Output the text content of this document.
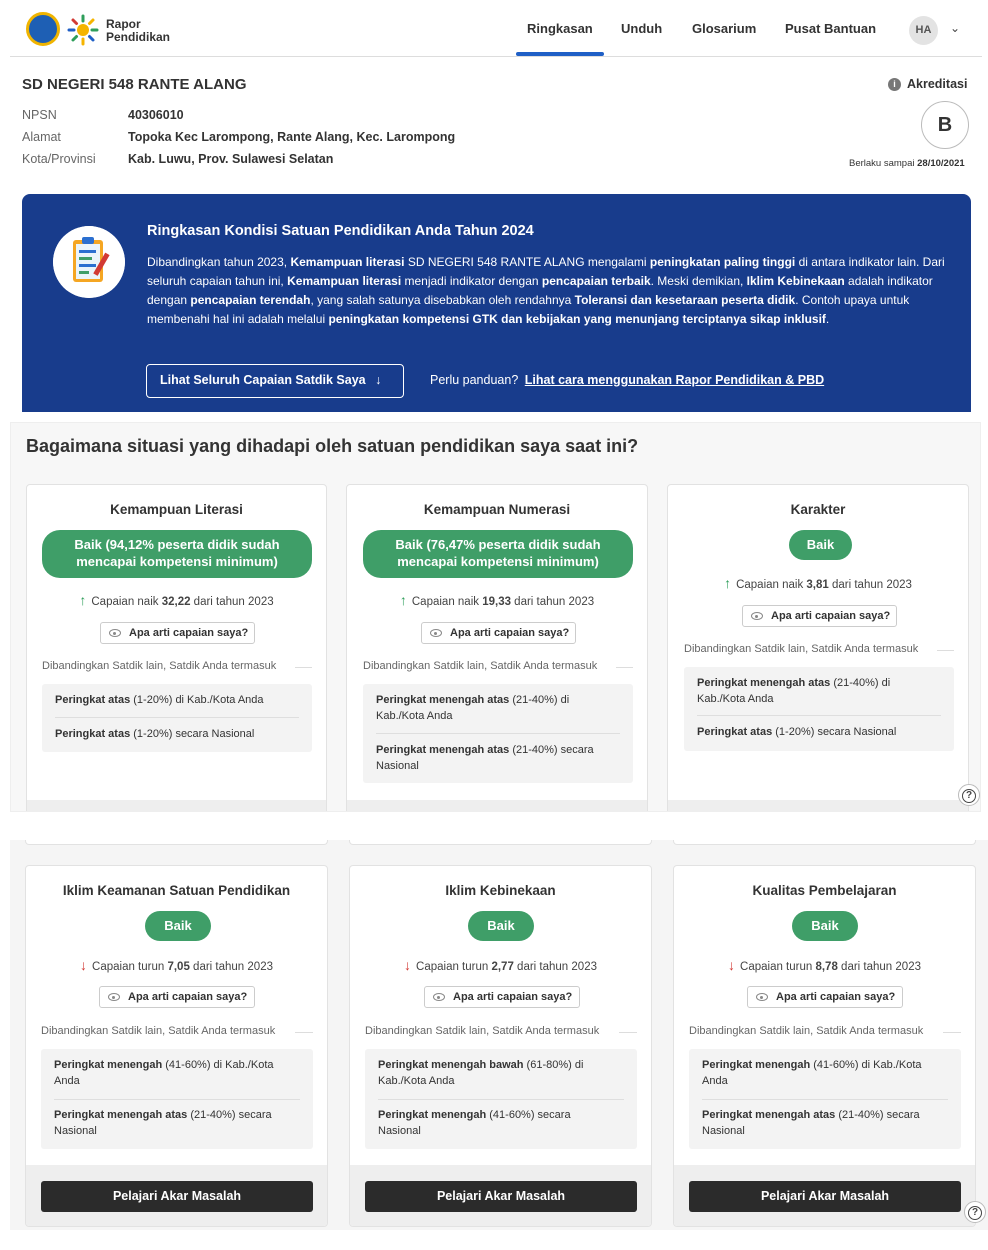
Rapor
Pendidikan
Ringkasan Unduh Glosarium Pusat Bantuan	HA	⌄
SD NEGERI 548 RANTE ALANG
NPSN	40306010
Alamat	Topoka Kec Larompong, Rante Alang, Kec. Larompong
Kota/Provinsi	Kab. Luwu, Prov. Sulawesi Selatan
i Akreditasi
B
Berlaku sampai 28/10/2021
Ringkasan Kondisi Satuan Pendidikan Anda Tahun 2024
Dibandingkan tahun 2023, Kemampuan literasi SD NEGERI 548 RANTE ALANG mengalami peningkatan paling tinggi di antara indikator lain. Dari seluruh capaian tahun ini, Kemampuan literasi menjadi indikator dengan pencapaian terbaik. Meski demikian, Iklim Kebinekaan adalah indikator dengan pencapaian terendah, yang salah satunya disebabkan oleh rendahnya Toleransi dan kesetaraan peserta didik. Contoh upaya untuk membenahi hal ini adalah melalui peningkatan kompetensi GTK dan kebijakan yang menunjang terciptanya sikap inklusif.
Lihat Seluruh Capaian Satdik Saya ↓	Perlu panduan? Lihat cara menggunakan Rapor Pendidikan & PBD
Bagaimana situasi yang dihadapi oleh satuan pendidikan saya saat ini?
Kemampuan Literasi
Baik (94,12% peserta didik sudah
mencapai kompetensi minimum)
↑ Capaian naik 32,22 dari tahun 2023
Apa arti capaian saya?
Dibandingkan Satdik lain, Satdik Anda termasuk
Peringkat atas (1-20%) di Kab./Kota Anda
Peringkat atas (1-20%) secara Nasional
Kemampuan Numerasi
Baik (76,47% peserta didik sudah
mencapai kompetensi minimum)
↑ Capaian naik 19,33 dari tahun 2023
Apa arti capaian saya?
Dibandingkan Satdik lain, Satdik Anda termasuk
Peringkat menengah atas (21-40%) di Kab./Kota Anda
Peringkat menengah atas (21-40%) secara Nasional
Karakter
Baik
↑ Capaian naik 3,81 dari tahun 2023
Apa arti capaian saya?
Dibandingkan Satdik lain, Satdik Anda termasuk
Peringkat menengah atas (21-40%) di Kab./Kota Anda
Peringkat atas (1-20%) secara Nasional
?
Iklim Keamanan Satuan Pendidikan
Baik
↓ Capaian turun 7,05 dari tahun 2023
Apa arti capaian saya?
Dibandingkan Satdik lain, Satdik Anda termasuk
Peringkat menengah (41-60%) di Kab./Kota Anda
Peringkat menengah atas (21-40%) secara Nasional
Pelajari Akar Masalah
Iklim Kebinekaan
Baik
↓ Capaian turun 2,77 dari tahun 2023
Apa arti capaian saya?
Dibandingkan Satdik lain, Satdik Anda termasuk
Peringkat menengah bawah (61-80%) di Kab./Kota Anda
Peringkat menengah (41-60%) secara Nasional
Pelajari Akar Masalah
Kualitas Pembelajaran
Baik
↓ Capaian turun 8,78 dari tahun 2023
Apa arti capaian saya?
Dibandingkan Satdik lain, Satdik Anda termasuk
Peringkat menengah (41-60%) di Kab./Kota Anda
Peringkat menengah atas (21-40%) secara Nasional
Pelajari Akar Masalah
?
